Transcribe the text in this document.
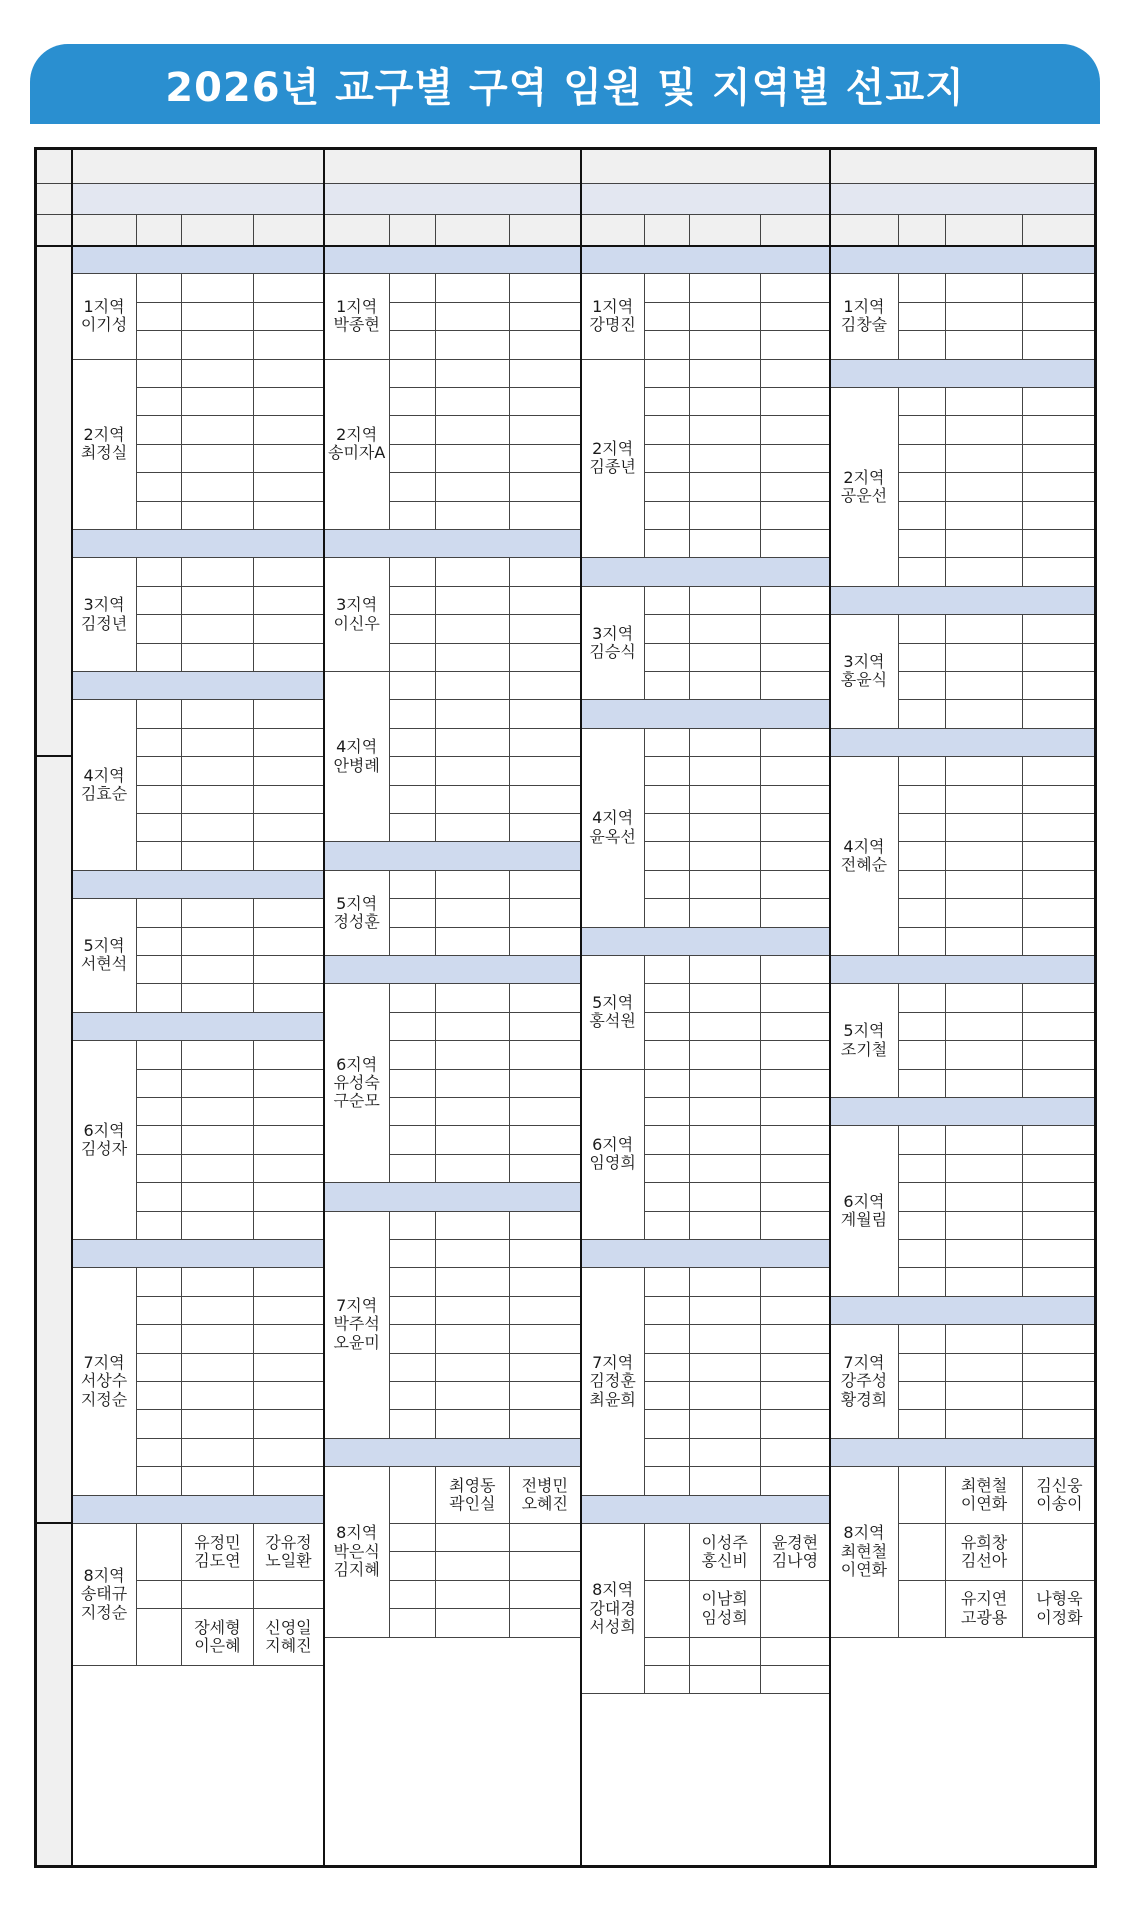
2026년 교구별 구역 임원 및 지역별 선교지
1지역
이기성
2지역
최정실
3지역
김정년
4지역
김효순
5지역
서현석
6지역
김성자
7지역
서상수
지정순
8지역
송태규
지정순
유정민
김도연
강유정
노일환
장세형
이은혜
신영일
지혜진
1지역
박종현
2지역
송미자A
3지역
이신우
4지역
안병례
5지역
정성훈
6지역
유성숙
구순모
7지역
박주석
오윤미
8지역
박은식
김지혜
최영동
곽인실
전병민
오혜진
1지역
강명진
2지역
김종년
3지역
김승식
4지역
윤옥선
5지역
홍석원
6지역
임영희
7지역
김정훈
최윤희
8지역
강대경
서성희
이성주
홍신비
윤경현
김나영
이남희
임성희
1지역
김창술
2지역
공운선
3지역
홍윤식
4지역
전혜순
5지역
조기철
6지역
계월림
7지역
강주성
황경희
8지역
최현철
이연화
최현철
이연화
김신웅
이송이
유희창
김선아
유지연
고광용
나형욱
이정화
